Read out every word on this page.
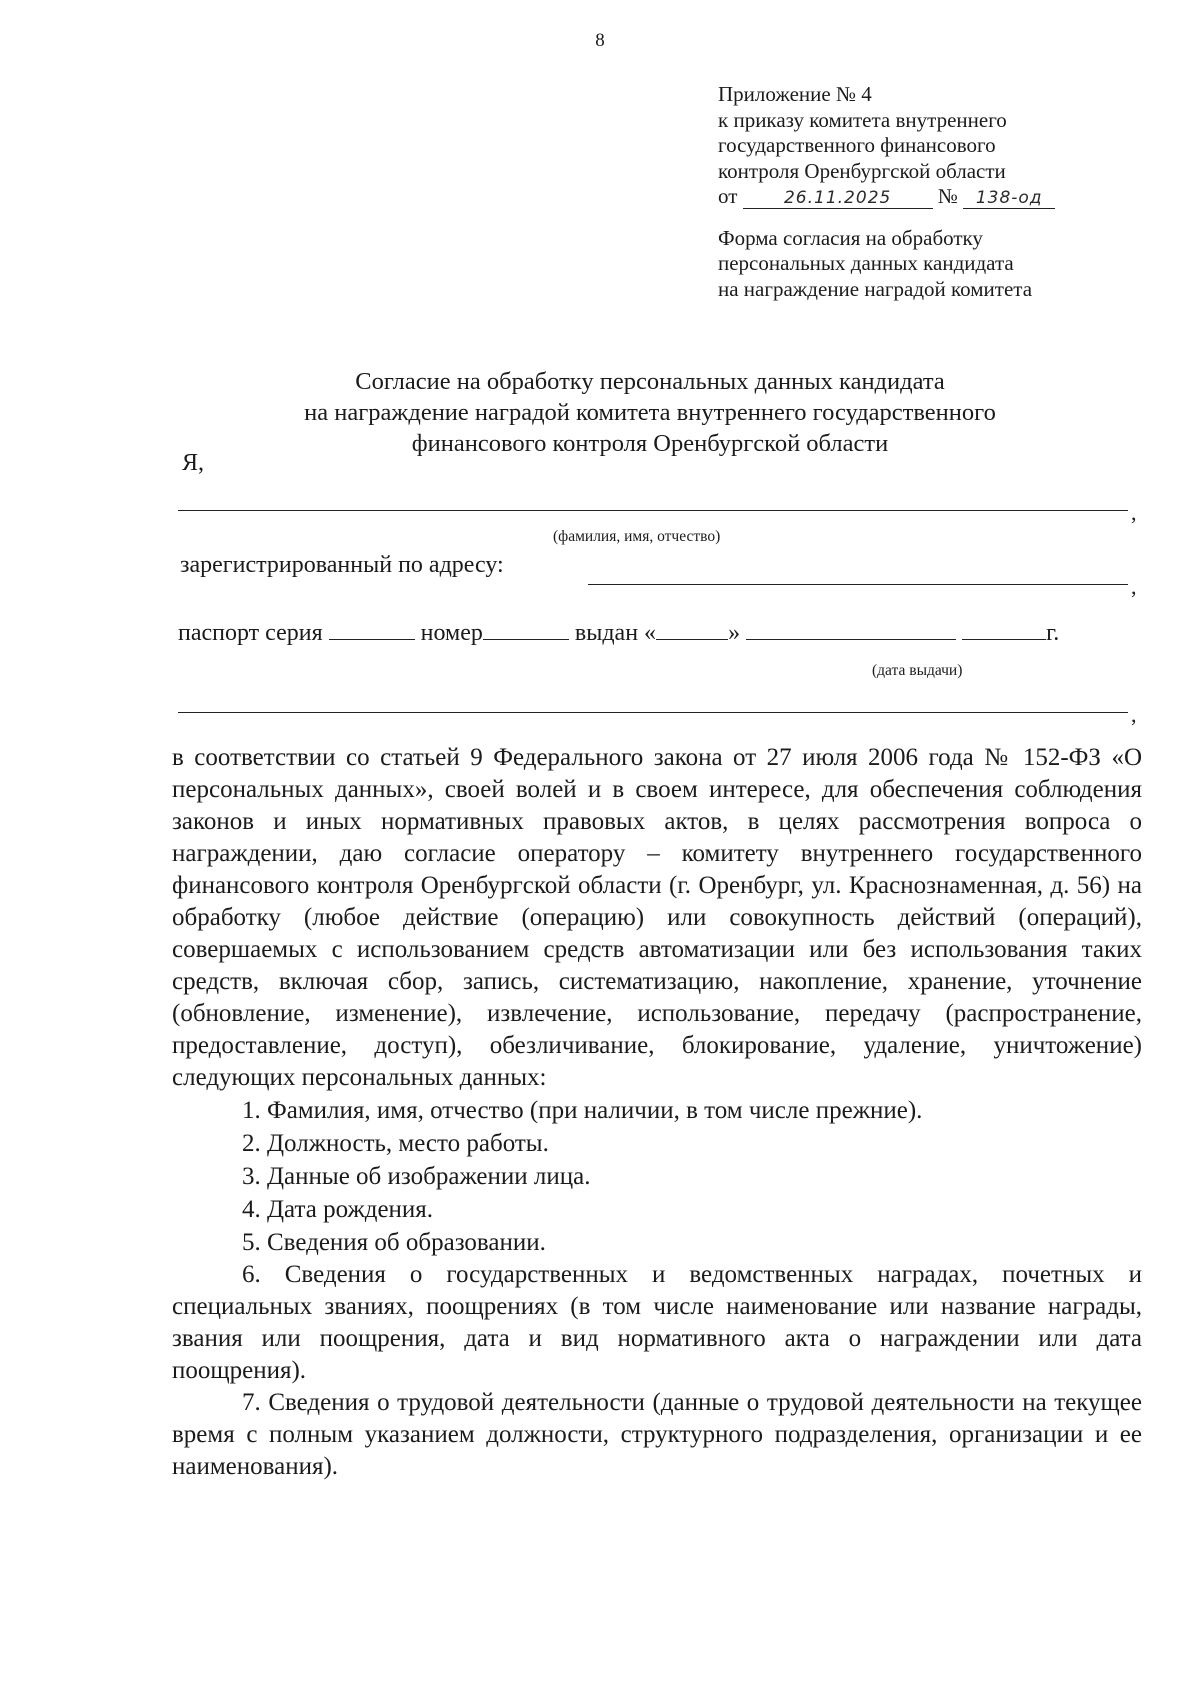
8
Приложение № 4
к приказу комитета внутреннего
государственного финансового
контроля Оренбургской области
от	26.11.2025 № 138-од
Форма согласия на обработку
персональных данных кандидата
на награждение наградой комитета
Согласие на обработку персональных данных кандидата
на награждение наградой комитета внутреннего государственного
финансового контроля Оренбургской области
Я,
,
(фамилия, имя, отчество)
зарегистрированный по адресу:
,
паспорт серия	номер	выдан «	»	г.
(дата выдачи)
,

в соответствии со статьей 9 Федерального закона от 27 июля 2006 года № 152-ФЗ «О персональных данных», своей волей и в своем интересе, для обеспечения соблюдения законов и иных нормативных правовых актов, в целях рассмотрения вопроса о награждении, даю согласие оператору – комитету внутреннего государственного финансового контроля Оренбургской области (г. Оренбург, ул. Краснознаменная, д. 56) на обработку (любое действие (операцию) или совокупность действий (операций), совершаемых с использованием средств автоматизации или без использования таких средств, включая сбор, запись, систематизацию, накопление, хранение, уточнение (обновление, изменение), извлечение, использование, передачу (распространение, предоставление, доступ), обезличивание, блокирование, удаление, уничтожение) следующих персональных данных:

1. Фамилия, имя, отчество (при наличии, в том числе прежние).

2. Должность, место работы.

3. Данные об изображении лица.

4. Дата рождения.

5. Сведения об образовании.

6. Сведения о государственных и ведомственных наградах, почетных и специальных званиях, поощрениях (в том числе наименование или название награды, звания или поощрения, дата и вид нормативного акта о награждении или дата поощрения).

7. Сведения о трудовой деятельности (данные о трудовой деятельности на текущее время с полным указанием должности, структурного подразделения, организации и ее наименования).
